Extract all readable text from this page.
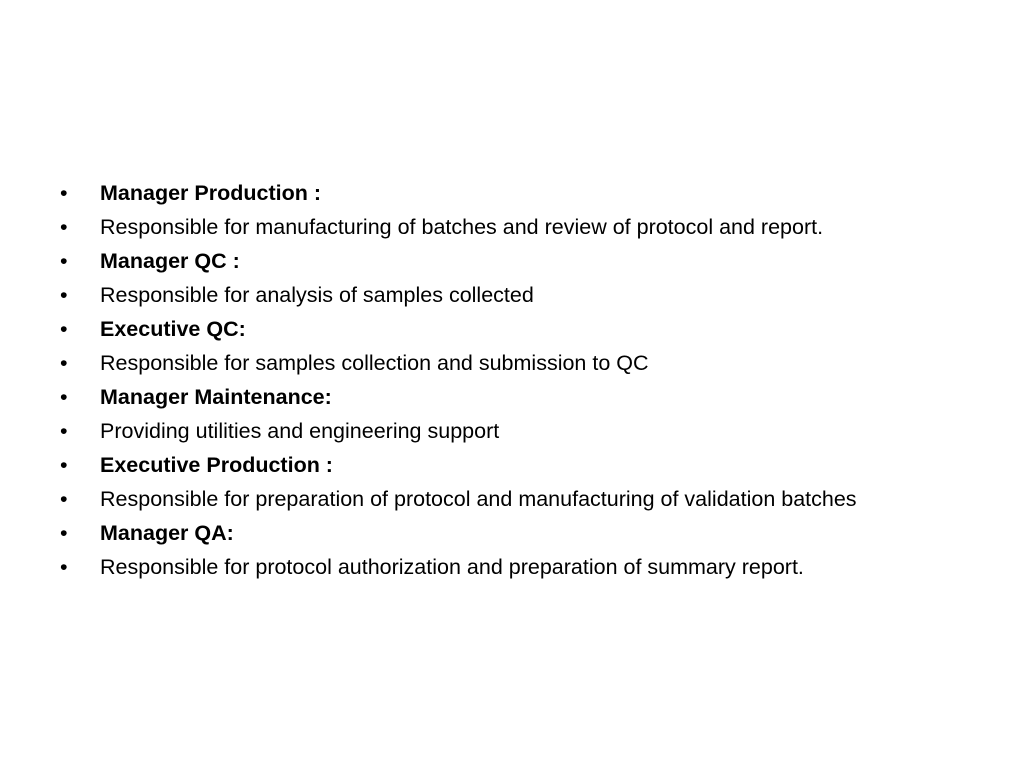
•	Manager Production :
•	Responsible for manufacturing of batches and review of protocol and report.
•	Manager QC :
•	Responsible for analysis of samples collected
•	Executive QC:
•	Responsible for samples collection and submission to QC
•	Manager Maintenance:
•	Providing utilities and engineering support
•	Executive Production :
•	Responsible for preparation of protocol and manufacturing of validation batches
•	Manager QA:
•	Responsible for protocol authorization and preparation of summary report.
